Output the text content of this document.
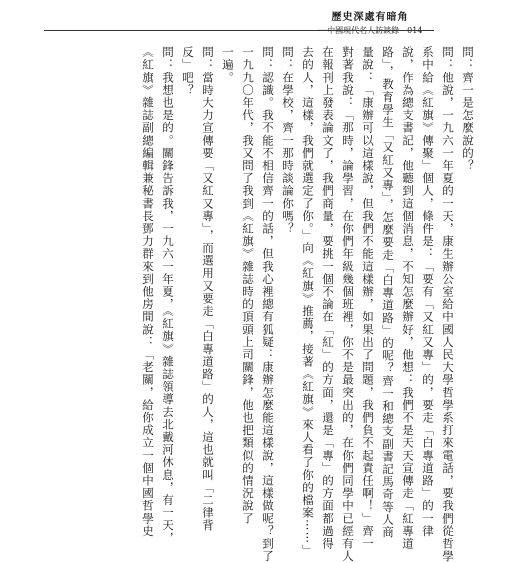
歷史深處有暗角
問：齊一是怎麼說的？
問：他說，一九六一年夏的一天，康生辦公室給中國人民大學哲學系打來電話，要我們從哲學
系中給《紅旗》傳聚」個人，條件是：「要有「又紅又專」的，要走「白專道路」的一律
說，作為總支書記，他聽到這個消息，不知怎麼辦好，他想：我們不是天天宣傳走「紅專道
路」，教育學生「又紅又專」，怎麼要走「白專道路」的呢？齊一和總支副書記馬奇等人商
量說：「康辦可以這樣說，但我們不能這樣辦，如果出了問題，我們負不起責任啊！」齊一
對著我說：「那時，論學習，在你們年級幾個班裡，你不是最突出的，在你們同學中已經有人
在報刊上發表論文了，我們商量，要挑一個不論在「紅」的方面，還是「專」的方面都過得
去的人，這樣，我們就選定了你。」向《紅旗》推薦，接著《紅旗》來人看了你的檔案⋯⋯」
問：在學校，齊一那時談論你嗎？
問：認識。我不能不相信齊一的話，但我心裡總有狐疑：康辦怎麼能這樣說，這樣做呢？到了
一九九〇年代，我又問了我到《紅旗》雜誌時的頂頭上司關鋒，他也把類似的情況說了
一遍。
問：當時大力宣傳要「又紅又專」，而選用又要走「白專道路」的人，這也就叫「二律背
反」吧？
問：我想也是的。關鋒告訴我，一九六一年夏，《紅旗》雜誌領導去北戴河休息，有一天，
《紅旗》雜誌副總編輯兼秘書長鄧力群來到他房間說：「老關，給你成立一個中國哲學史
